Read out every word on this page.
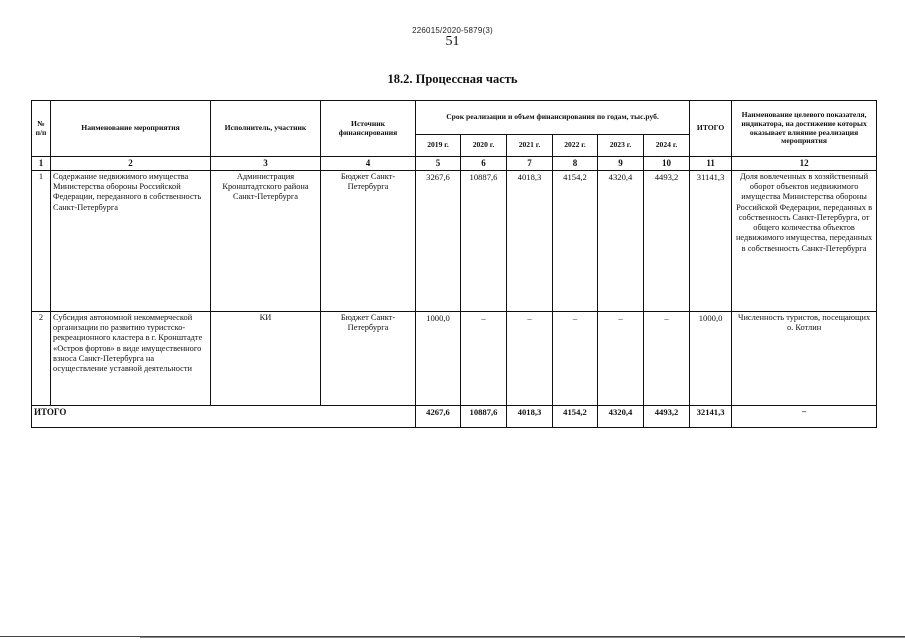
226015/2020-5879(3)
51
18.2. Процессная часть
№ п/п	Наименование мероприятия	Исполнитель, участник	Источник финансирования	Срок реализации и объем финансирования по годам, тыс.руб.						ИТОГО	Наименование целевого показателя, индикатора, на достижение которых оказывает влияние реализация мероприятия
				2019 г.	2020 г.	2021 г.	2022 г.	2023 г.	2024 г.		
1	2	3	4	5	6	7	8	9	10	11	12
1	Содержание недвижимого имущества Министерства обороны Российской Федерации, переданного в собственность Санкт-Петербурга	Администрация Кронштадтского района Санкт-Петербурга	Бюджет Санкт-Петербурга	3267,6	10887,6	4018,3	4154,2	4320,4	4493,2	31141,3	Доля вовлеченных в хозяйственный оборот объектов недвижимого имущества Министерства обороны Российской Федерации, переданных в собственность Санкт-Петербурга, от общего количества объектов недвижимого имущества, переданных в собственность Санкт-Петербурга
2	Субсидия автономной некоммерческой организации по развитию туристско-рекреационного кластера в г. Кронштадте «Остров фортов» в виде имущественного взноса Санкт-Петербурга на осуществление уставной деятельности	КИ	Бюджет Санкт-Петербурга	1000,0	–	–	–	–	–	1000,0	Численность туристов, посещающих о. Котлин
ИТОГО				4267,6	10887,6	4018,3	4154,2	4320,4	4493,2	32141,3	–
